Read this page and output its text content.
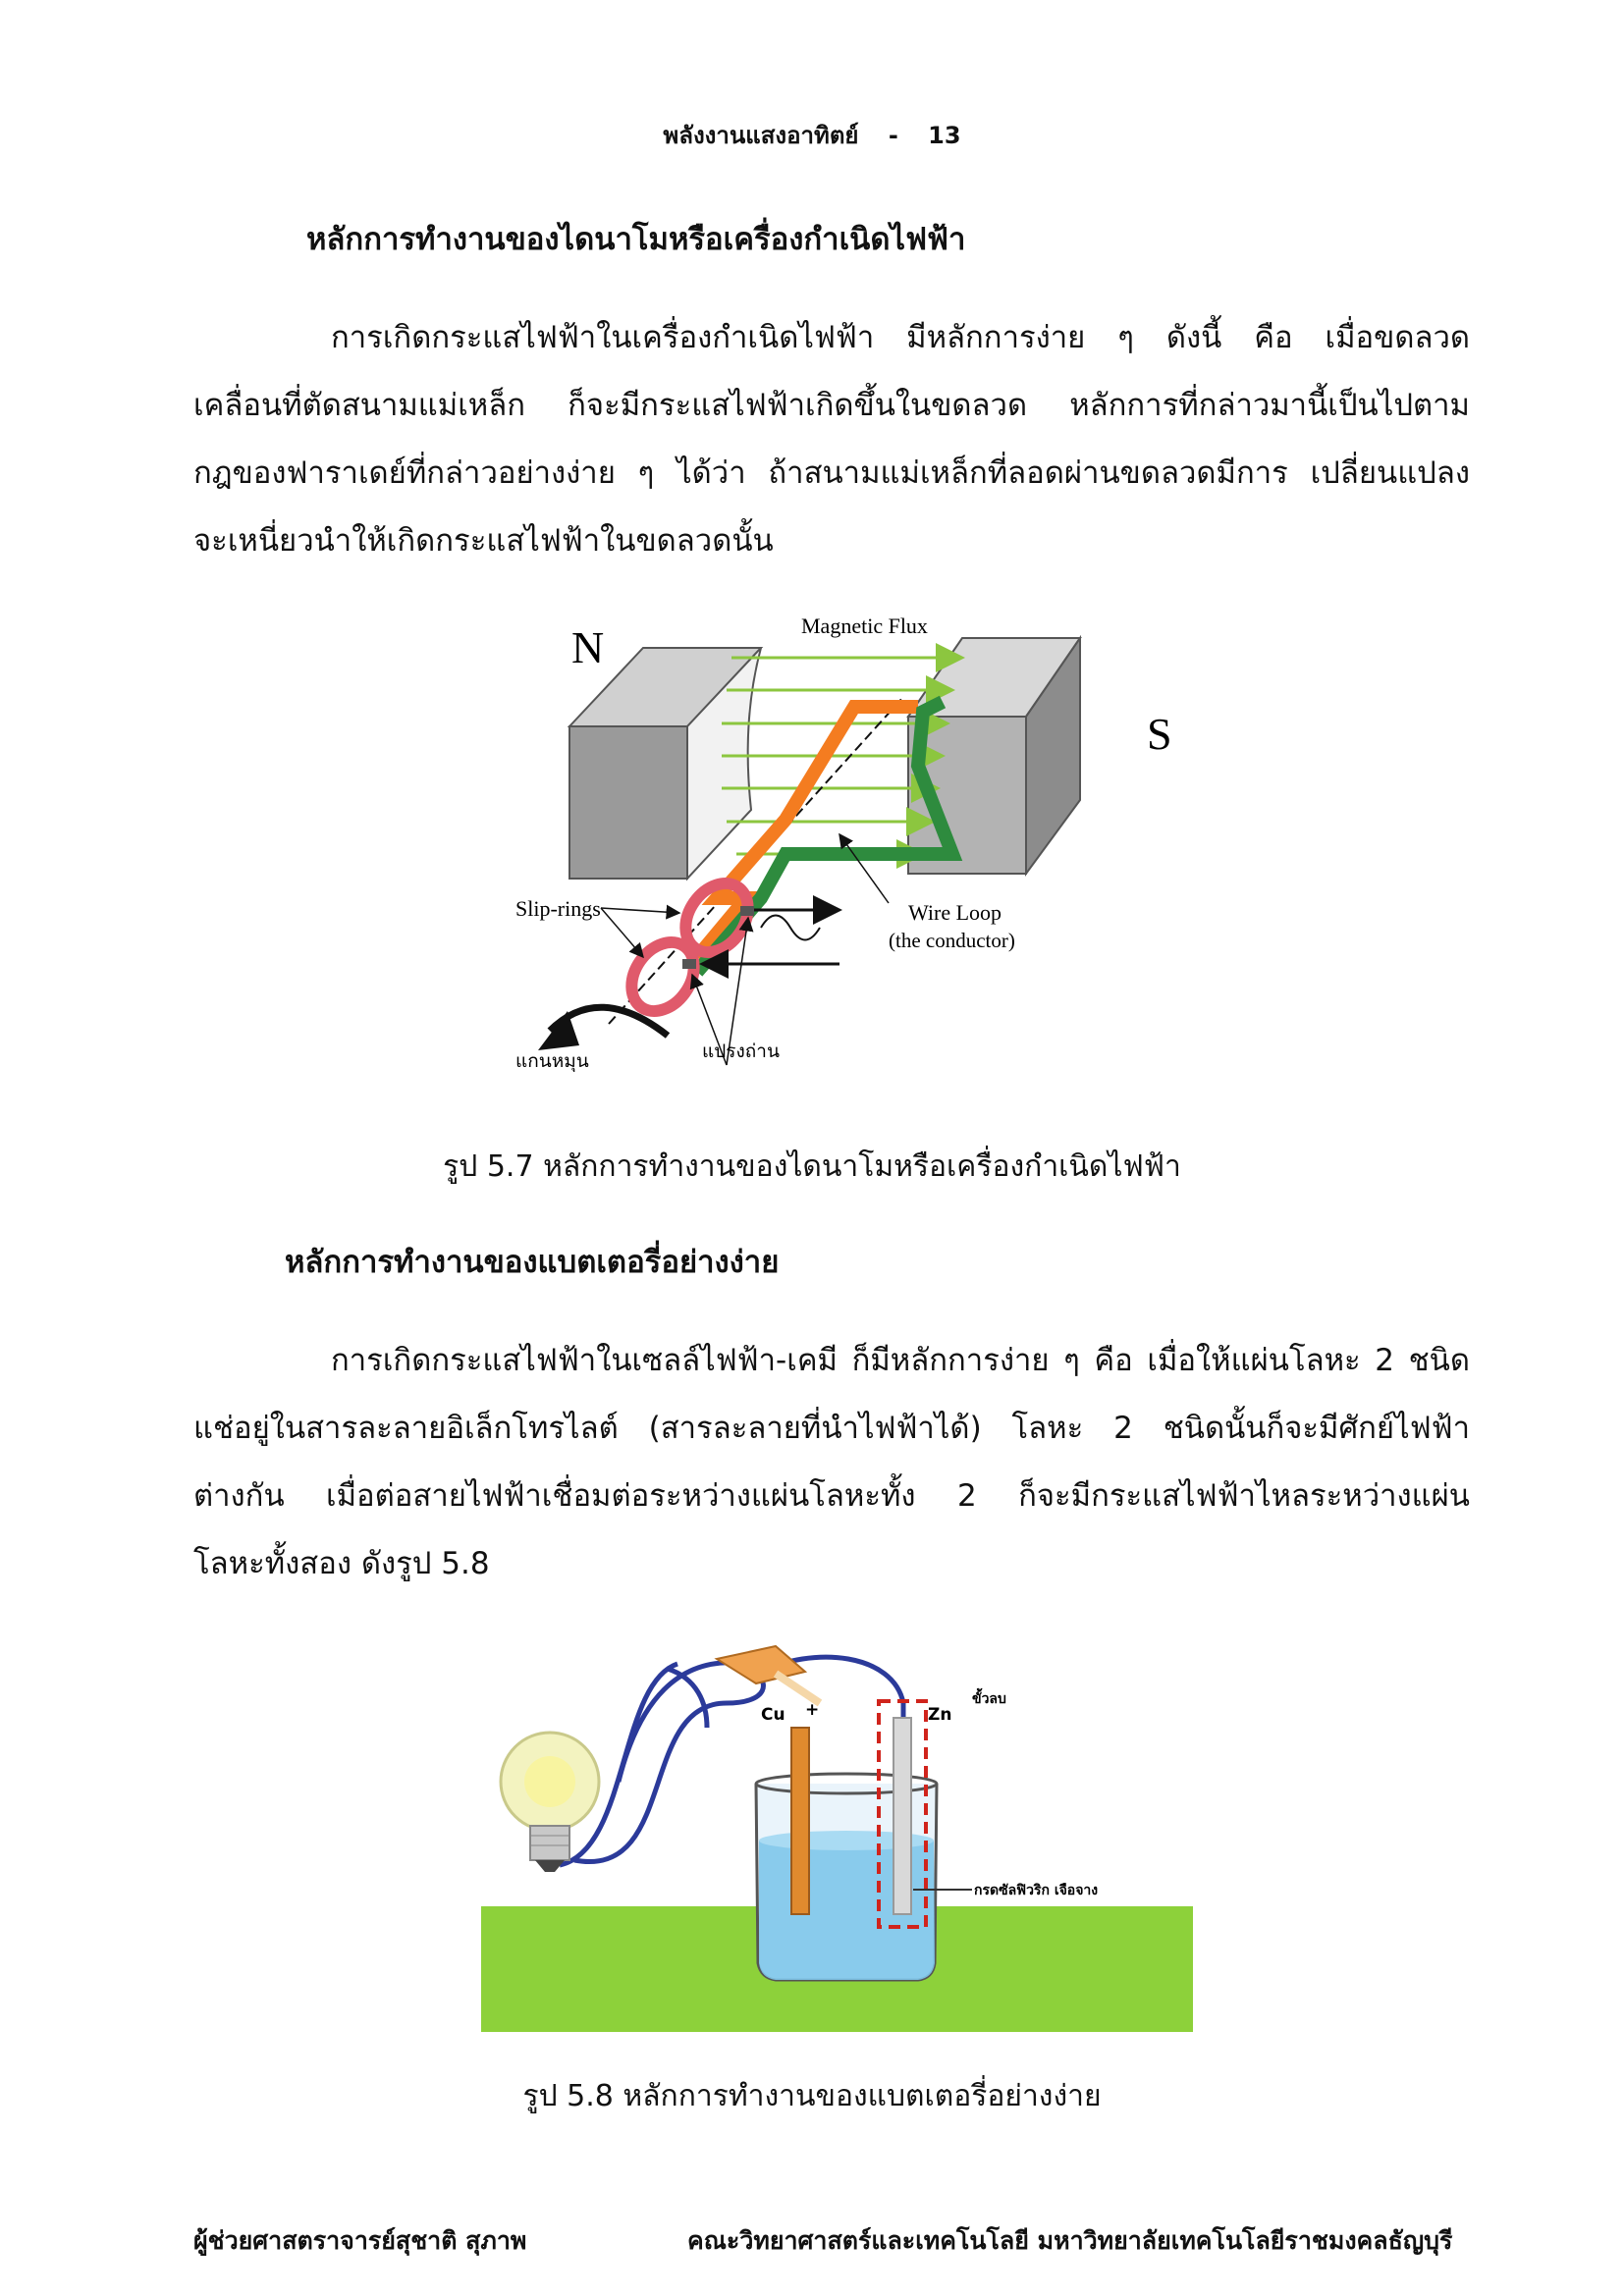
พลังงานแสงอาทิตย์ - 13
หลักการทำงานของไดนาโมหรือเครื่องกำเนิดไฟฟ้า
การเกิดกระแสไฟฟ้าในเครื่องกำเนิดไฟฟ้า มีหลักการง่าย ๆ ดังนี้ คือ เมื่อขดลวด
เคลื่อนที่ตัดสนามแม่เหล็ก ก็จะมีกระแสไฟฟ้าเกิดขึ้นในขดลวด หลักการที่กล่าวมานี้เป็นไปตาม
กฎของฟาราเดย์ที่กล่าวอย่างง่าย ๆ ได้ว่า ถ้าสนามแม่เหล็กที่ลอดผ่านขดลวดมีการ เปลี่ยนแปลง
จะเหนี่ยวนำให้เกิดกระแสไฟฟ้าในขดลวดนั้น
N
S
Magnetic Flux
Slip-rings	Wire Loop
(the conductor)
แกนหมุน	แปรงถ่าน
รูป 5.7 หลักการทำงานของไดนาโมหรือเครื่องกำเนิดไฟฟ้า
หลักการทำงานของแบตเตอรี่อย่างง่าย
การเกิดกระแสไฟฟ้าในเซลล์ไฟฟ้า-เคมี ก็มีหลักการง่าย ๆ คือ เมื่อให้แผ่นโลหะ 2 ชนิด
แช่อยู่ในสารละลายอิเล็กโทรไลต์ (สารละลายที่นำไฟฟ้าได้) โลหะ 2 ชนิดนั้นก็จะมีศักย์ไฟฟ้า
ต่างกัน เมื่อต่อสายไฟฟ้าเชื่อมต่อระหว่างแผ่นโลหะทั้ง 2 ก็จะมีกระแสไฟฟ้าไหลระหว่างแผ่น
โลหะทั้งสอง ดังรูป 5.8
Cu +	Zn
ขั้วลบ
กรดซัลฟิวริก เจือจาง
รูป 5.8 หลักการทำงานของแบตเตอรี่อย่างง่าย
ผู้ช่วยศาสตราจารย์สุชาติ สุภาพ	คณะวิทยาศาสตร์และเทคโนโลยี มหาวิทยาลัยเทคโนโลยีราชมงคลธัญบุรี
